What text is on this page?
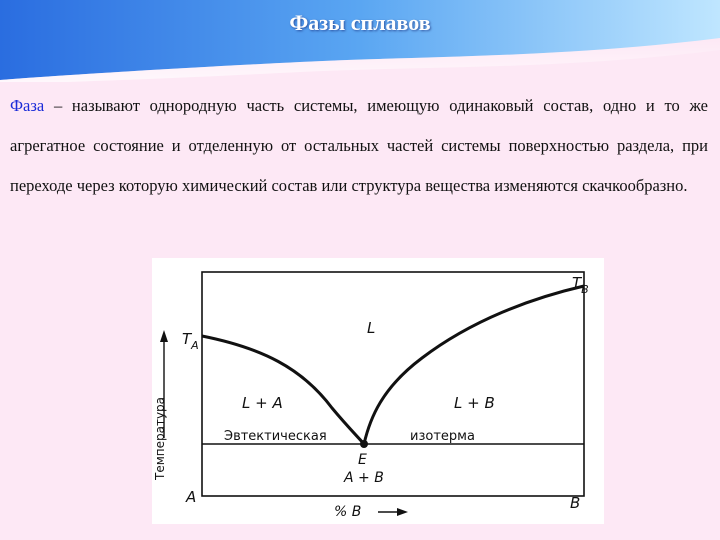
Фазы сплавов
Фаза – называют однородную часть системы, имеющую одинаковый состав, одно и то же агрегатное состояние и отделенную от остальных частей системы поверхностью раздела, при переходе через которую химический состав или структура вещества изменяются скачкообразно.
Температура
$T_A$
$T_B$
L
L + A	L + B
Эвтектическая	изотерма
E
A + B
A	B
% B
